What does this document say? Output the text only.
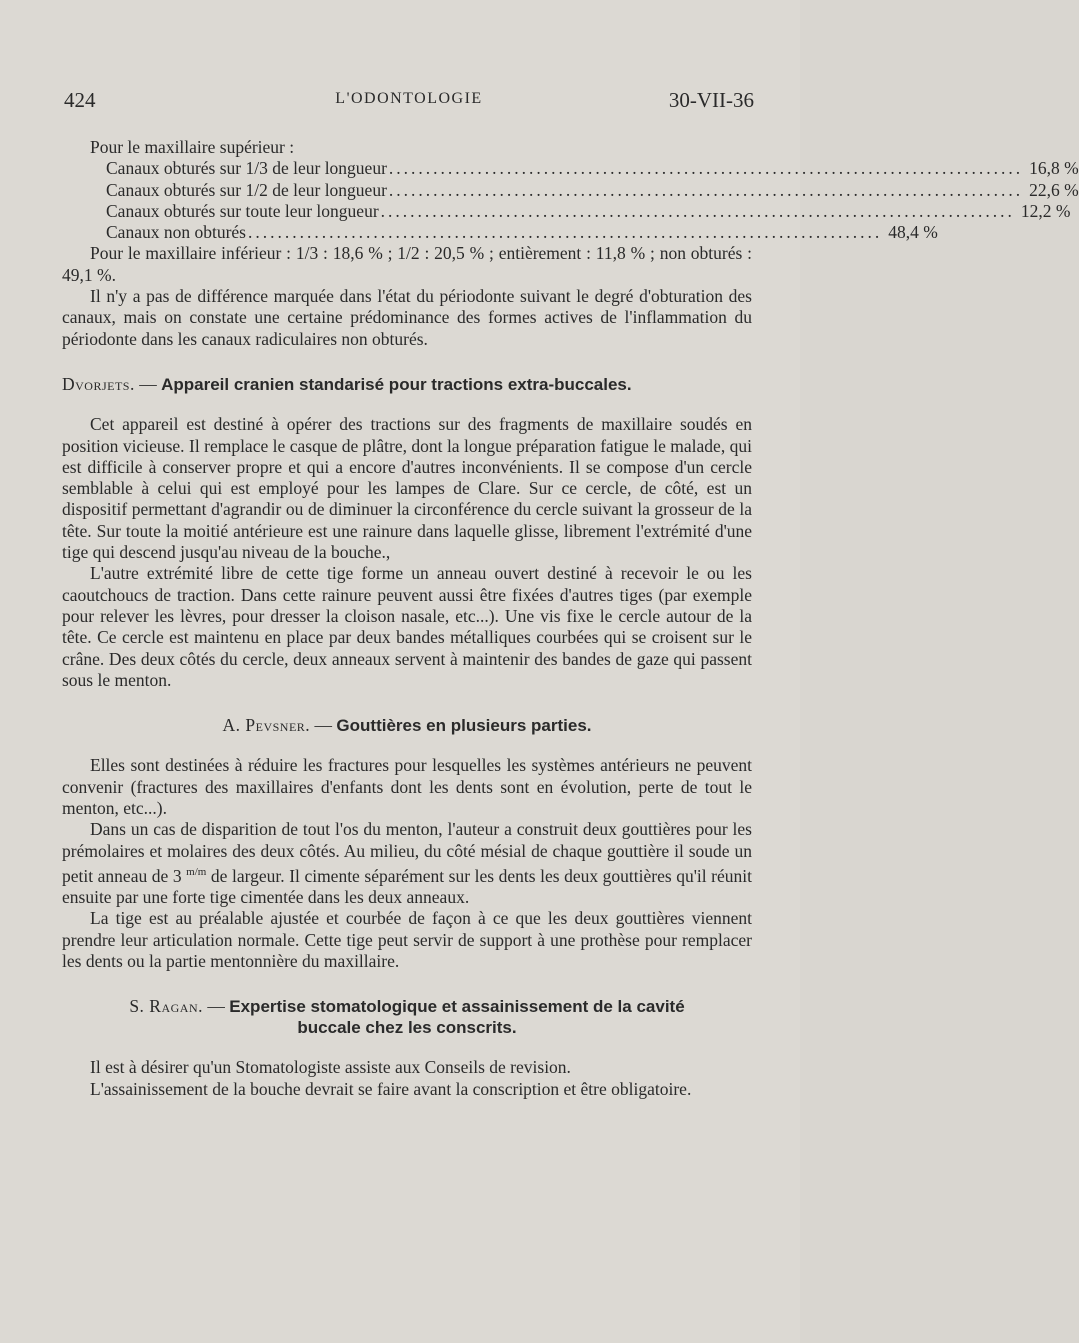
424	L'ODONTOLOGIE	30-VII-36

Pour le maxillaire supérieur :

Canaux obturés sur 1/3 de leur longueur ...................................................................................... 16,8 %
Canaux obturés sur 1/2 de leur longueur ...................................................................................... 22,6 %
Canaux obturés sur toute leur longueur ...................................................................................... 12,2 %
Canaux non obturés ...................................................................................... 48,4 %

Pour le maxillaire inférieur : 1/3 : 18,6 % ; 1/2 : 20,5 % ; entièrement : 11,8 % ; non obturés : 49,1 %.

Il n'y a pas de différence marquée dans l'état du périodonte suivant le degré d'obturation des canaux, mais on constate une certaine prédominance des formes actives de l'inflammation du périodonte dans les canaux radiculaires non obturés.

Dvorjets. — Appareil cranien standarisé pour tractions extra-buccales.

Cet appareil est destiné à opérer des tractions sur des fragments de maxillaire soudés en position vicieuse. Il remplace le casque de plâtre, dont la longue préparation fatigue le malade, qui est difficile à conserver propre et qui a encore d'autres inconvénients. Il se compose d'un cercle semblable à celui qui est employé pour les lampes de Clare. Sur ce cercle, de côté, est un dispositif permettant d'agrandir ou de diminuer la circonférence du cercle suivant la grosseur de la tête. Sur toute la moitié antérieure est une rainure dans laquelle glisse, librement l'extrémité d'une tige qui descend jusqu'au niveau de la bouche.,

L'autre extrémité libre de cette tige forme un anneau ouvert destiné à recevoir le ou les caoutchoucs de traction. Dans cette rainure peuvent aussi être fixées d'autres tiges (par exemple pour relever les lèvres, pour dresser la cloison nasale, etc...). Une vis fixe le cercle autour de la tête. Ce cercle est maintenu en place par deux bandes métalliques courbées qui se croisent sur le crâne. Des deux côtés du cercle, deux anneaux servent à maintenir des bandes de gaze qui passent sous le menton.

A. Pevsner. — Gouttières en plusieurs parties.

Elles sont destinées à réduire les fractures pour lesquelles les systèmes antérieurs ne peuvent convenir (fractures des maxillaires d'enfants dont les dents sont en évolution, perte de tout le menton, etc...).

Dans un cas de disparition de tout l'os du menton, l'auteur a construit deux gouttières pour les prémolaires et molaires des deux côtés. Au milieu, du côté mésial de chaque gouttière il soude un petit anneau de 3 $^{m/m}$ de largeur. Il cimente séparément sur les dents les deux gouttières qu'il réunit ensuite par une forte tige cimentée dans les deux anneaux.

La tige est au préalable ajustée et courbée de façon à ce que les deux gouttières viennent prendre leur articulation normale. Cette tige peut servir de support à une prothèse pour remplacer les dents ou la partie mentonnière du maxillaire.

S. Ragan. — Expertise stomatologique et assainissement de la cavité
buccale chez les conscrits.

Il est à désirer qu'un Stomatologiste assiste aux Conseils de revision.

L'assainissement de la bouche devrait se faire avant la conscription et être obligatoire.
